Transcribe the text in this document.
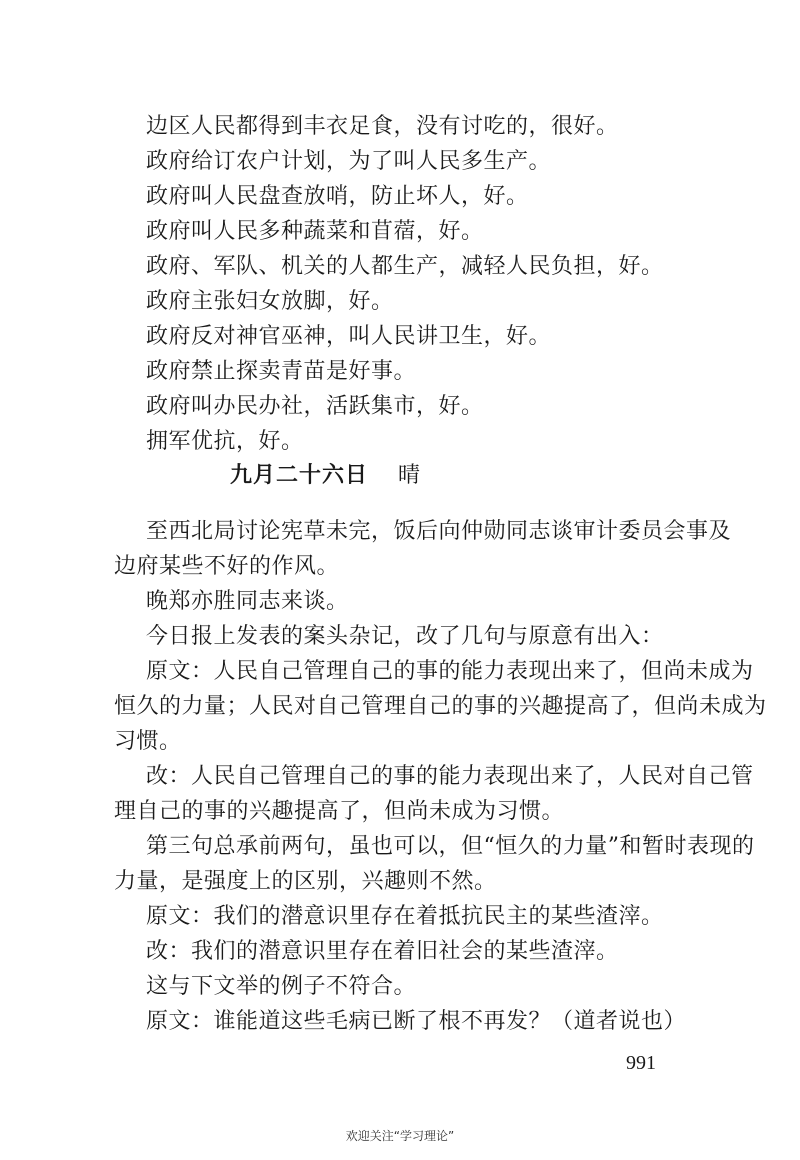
边区人民都得到丰衣足食，没有讨吃的，很好。
政府给订农户计划，为了叫人民多生产。
政府叫人民盘查放哨，防止坏人，好。
政府叫人民多种蔬菜和苜蓿，好。
政府、军队、机关的人都生产，减轻人民负担，好。
政府主张妇女放脚，好。
政府反对神官巫神，叫人民讲卫生，好。
政府禁止探卖青苗是好事。
政府叫办民办社，活跃集市，好。
拥军优抗，好。
九月二十六日 晴
至西北局讨论宪草未完，饭后向仲勋同志谈审计委员会事及
边府某些不好的作风。
晚郑亦胜同志来谈。
今日报上发表的案头杂记，改了几句与原意有出入：
原文：人民自己管理自己的事的能力表现出来了，但尚未成为
恒久的力量；人民对自己管理自己的事的兴趣提高了，但尚未成为
习惯。
改：人民自己管理自己的事的能力表现出来了，人民对自己管
理自己的事的兴趣提高了，但尚未成为习惯。
第三句总承前两句，虽也可以，但“恒久的力量”和暂时表现的
力量，是强度上的区别，兴趣则不然。
原文：我们的潜意识里存在着抵抗民主的某些渣滓。
改：我们的潜意识里存在着旧社会的某些渣滓。
这与下文举的例子不符合。
原文：谁能道这些毛病已断了根不再发？（道者说也）
991
欢迎关注“学习理论”
